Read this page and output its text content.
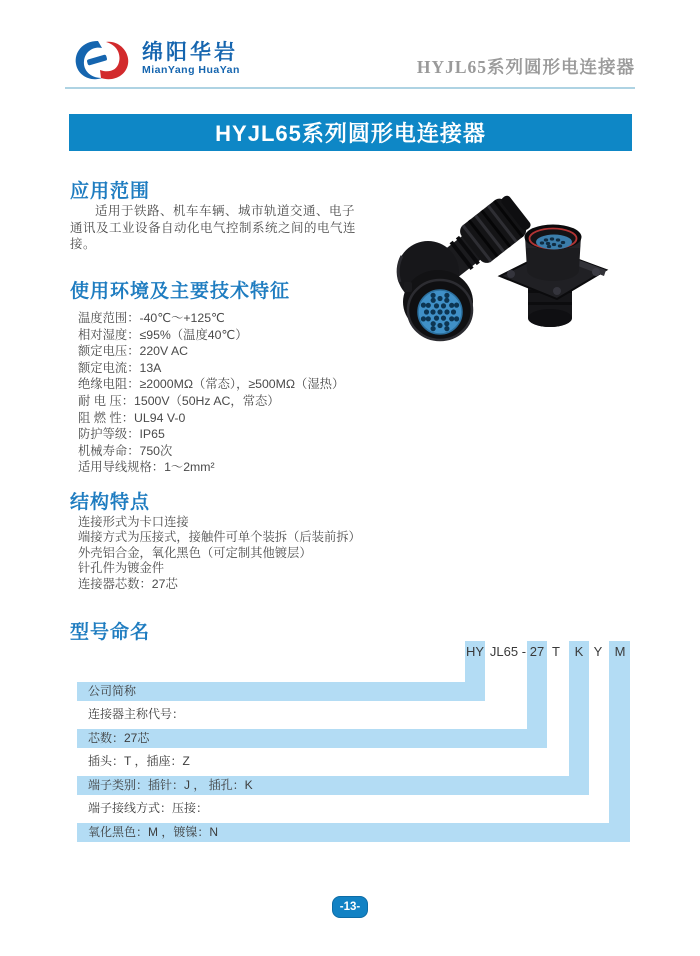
绵阳华岩
MianYang HuaYan	HYJL65系列圆形电连接器
HYJL65系列圆形电连接器
应用范围
适用于铁路、机车车辆、城市轨道交通、电子通讯及工业设备自动化电气控制系统之间的电气连接。
使用环境及主要技术特征
温度范围：-40℃～+125℃
相对湿度：≤95%（温度40℃）
额定电压：220V AC
额定电流：13A
绝缘电阻：≥2000MΩ（常态），≥500MΩ（湿热）
耐 电 压：1500V（50Hz AC，常态）
阻 燃 性：UL94 V-0
防护等级：IP65
机械寿命：750次
适用导线规格：1～2mm²
结构特点
连接形式为卡口连接
端接方式为压接式，接触件可单个装拆（后装前拆）
外壳铝合金，氧化黑色（可定制其他镀层）
针孔件为镀金件
连接器芯数：27芯
型号命名
HY JL65 - 27 T K Y M
公司简称
连接器主称代号：
芯数：27芯
插头：T ，插座：Z
端子类别：插针：J ， 插孔：K
端子接线方式：压接：
氧化黑色：M ，镀镍：N
-13-
